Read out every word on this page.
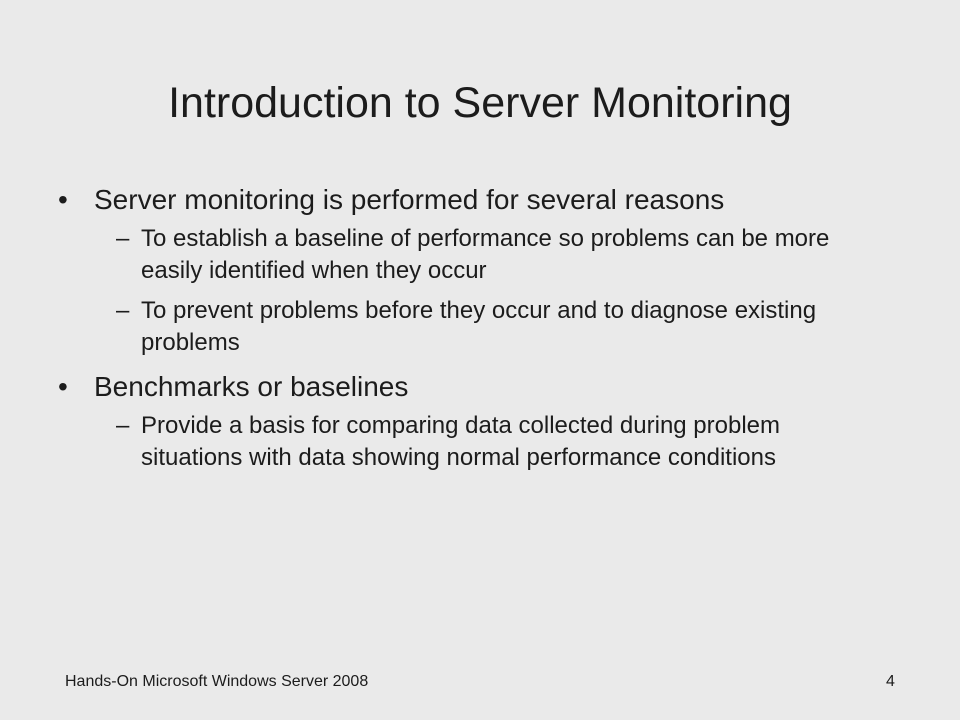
Introduction to Server Monitoring
• Server monitoring is performed for several reasons
– To establish a baseline of performance so problems can be more easily identified when they occur
– To prevent problems before they occur and to diagnose existing problems
• Benchmarks or baselines
– Provide a basis for comparing data collected during problem situations with data showing normal performance conditions
Hands-On Microsoft Windows Server 2008	4
